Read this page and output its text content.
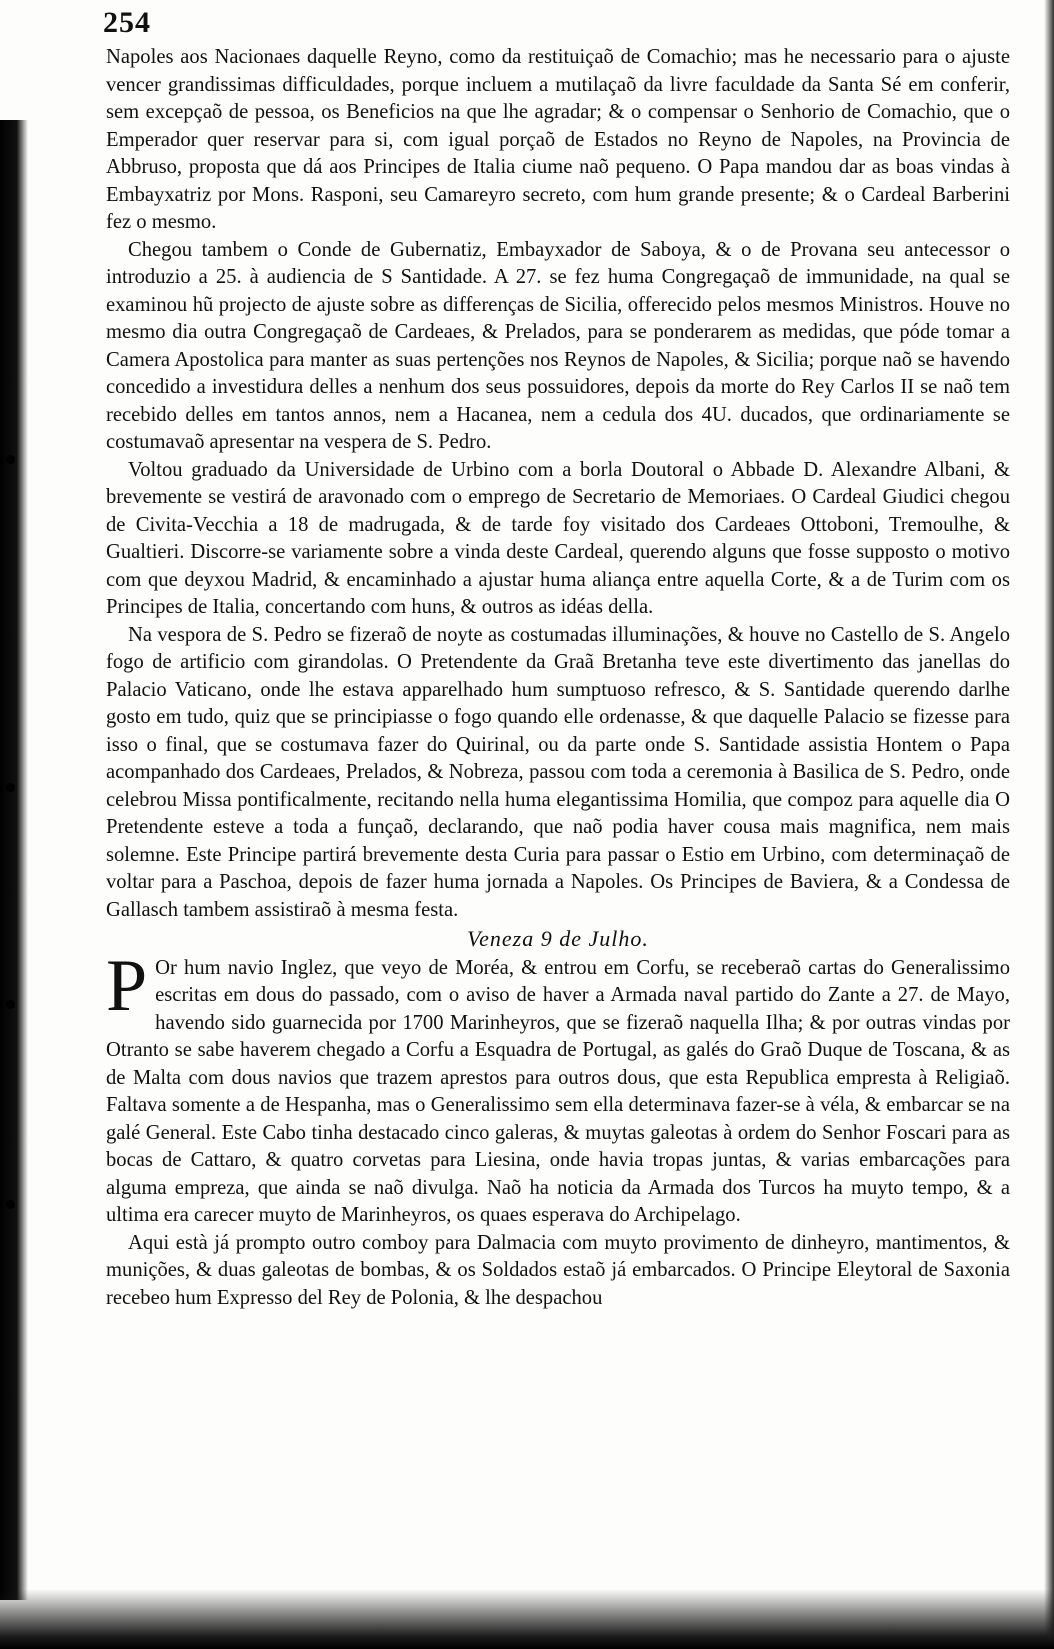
254

Napoles aos Nacionaes daquelle Reyno, como da restituiçaõ de Comachio; mas he necessario para o ajuste vencer grandissimas difficuldades, porque incluem a mutilaçaõ da livre faculdade da Santa Sé em conferir, sem excepçaõ de pessoa, os Beneficios na que lhe agradar; & o compensar o Senhorio de Comachio, que o Emperador quer reservar para si, com igual porçaõ de Estados no Reyno de Napoles, na Provincia de Abbruso, proposta que dá aos Principes de Italia ciume naõ pequeno. O Papa mandou dar as boas vindas à Embayxatriz por Mons. Rasponi, seu Camareyro secreto, com hum grande presente; & o Cardeal Barberini fez o mesmo.

Chegou tambem o Conde de Gubernatiz, Embayxador de Saboya, & o de Provana seu antecessor o introduzio a 25. à audiencia de S Santidade. A 27. se fez huma Congregaçaõ de immunidade, na qual se examinou hũ projecto de ajuste sobre as differenças de Sicilia, offerecido pelos mesmos Ministros. Houve no mesmo dia outra Congregaçaõ de Cardeaes, & Prelados, para se ponderarem as medidas, que póde tomar a Camera Apostolica para manter as suas pertenções nos Reynos de Napoles, & Sicilia; porque naõ se havendo concedido a investidura delles a nenhum dos seus possuidores, depois da morte do Rey Carlos II se naõ tem recebido delles em tantos annos, nem a Hacanea, nem a cedula dos 4U. ducados, que ordinariamente se costumavaõ apresentar na vespera de S. Pedro.

Voltou graduado da Universidade de Urbino com a borla Doutoral o Abbade D. Alexandre Albani, & brevemente se vestirá de aravonado com o emprego de Secretario de Memoriaes. O Cardeal Giudici chegou de Civita-Vecchia a 18 de madrugada, & de tarde foy visitado dos Cardeaes Ottoboni, Tremoulhe, & Gualtieri. Discorre-se variamente sobre a vinda deste Cardeal, querendo alguns que fosse supposto o motivo com que deyxou Madrid, & encaminhado a ajustar huma aliança entre aquella Corte, & a de Turim com os Principes de Italia, concertando com huns, & outros as idéas della.

Na vespora de S. Pedro se fizeraõ de noyte as costumadas illuminações, & houve no Castello de S. Angelo fogo de artificio com girandolas. O Pretendente da Graã Bretanha teve este divertimento das janellas do Palacio Vaticano, onde lhe estava apparelhado hum sumptuoso refresco, & S. Santidade querendo darlhe gosto em tudo, quiz que se principiasse o fogo quando elle ordenasse, & que daquelle Palacio se fizesse para isso o final, que se costumava fazer do Quirinal, ou da parte onde S. Santidade assistia Hontem o Papa acompanhado dos Cardeaes, Prelados, & Nobreza, passou com toda a ceremonia à Basilica de S. Pedro, onde celebrou Missa pontificalmente, recitando nella huma elegantissima Homilia, que compoz para aquelle dia O Pretendente esteve a toda a funçaõ, declarando, que naõ podia haver cousa mais magnifica, nem mais solemne. Este Principe partirá brevemente desta Curia para passar o Estio em Urbino, com determinaçaõ de voltar para a Paschoa, depois de fazer huma jornada a Napoles. Os Principes de Baviera, & a Condessa de Gallasch tambem assistiraõ à mesma festa.

Veneza 9 de Julho.

P Or hum navio Inglez, que veyo de Moréa, & entrou em Corfu, se receberaõ cartas do Generalissimo escritas em dous do passado, com o aviso de haver a Armada naval partido do Zante a 27. de Mayo, havendo sido guarnecida por 1700 Marinheyros, que se fizeraõ naquella Ilha; & por outras vindas por Otranto se sabe haverem chegado a Corfu a Esquadra de Portugal, as galés do Graõ Duque de Toscana, & as de Malta com dous navios que trazem aprestos para outros dous, que esta Republica empresta à Religiaõ. Faltava somente a de Hespanha, mas o Generalissimo sem ella determinava fazer-se à véla, & embarcar se na galé General. Este Cabo tinha destacado cinco galeras, & muytas galeotas à ordem do Senhor Foscari para as bocas de Cattaro, & quatro corvetas para Liesina, onde havia tropas juntas, & varias embarcações para alguma empreza, que ainda se naõ divulga. Naõ ha noticia da Armada dos Turcos ha muyto tempo, & a ultima era carecer muyto de Marinheyros, os quaes esperava do Archipelago.

Aqui està já prompto outro comboy para Dalmacia com muyto provimento de dinheyro, mantimentos, & munições, & duas galeotas de bombas, & os Soldados estaõ já embarcados. O Principe Eleytoral de Saxonia recebeo hum Expresso del Rey de Polonia, & lhe despachou
